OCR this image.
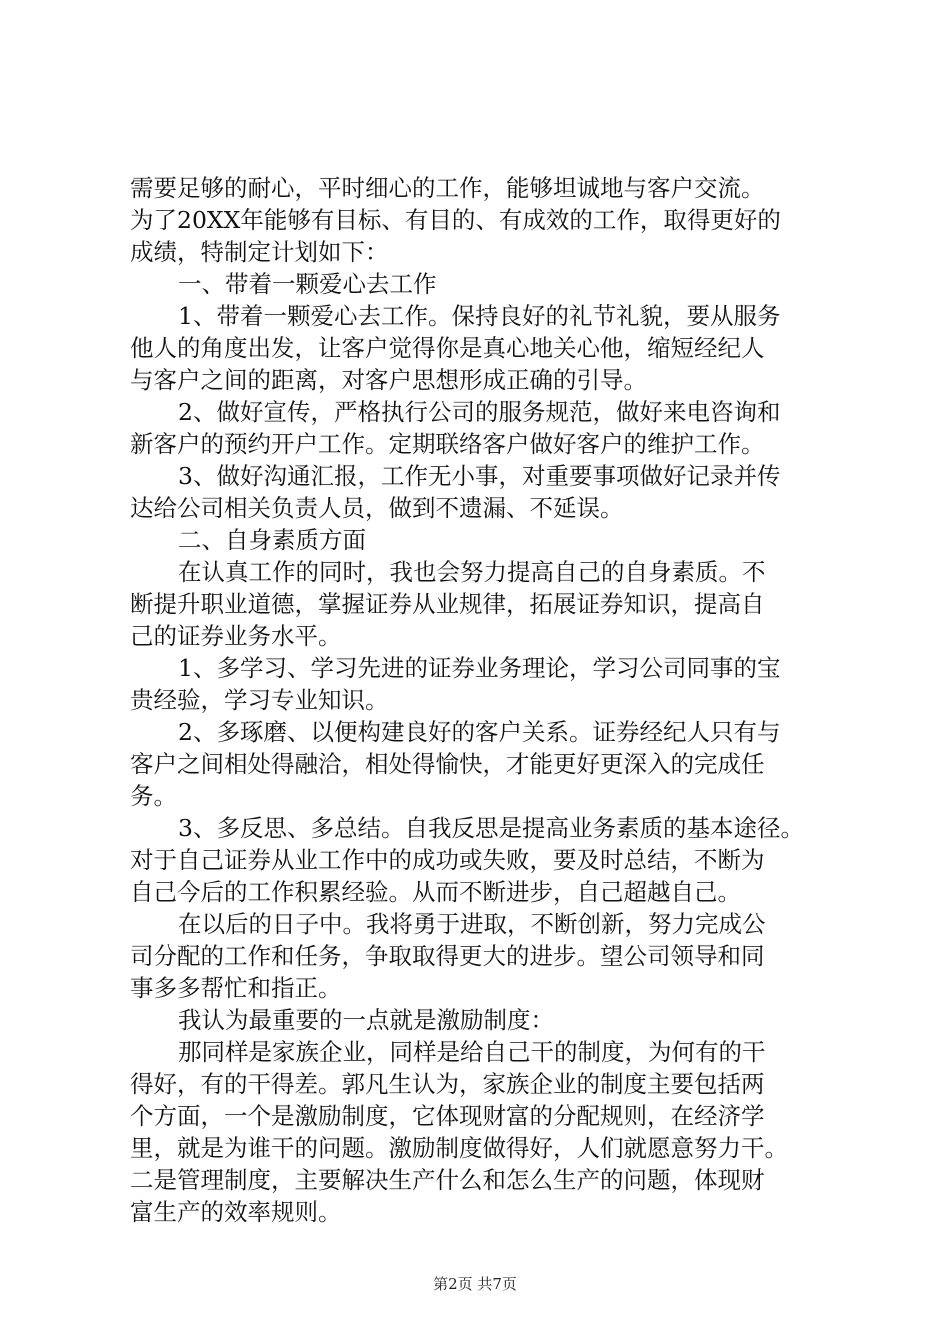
需要足够的耐心，平时细心的工作，能够坦诚地与客户交流。
为了20XX年能够有目标、有目的、有成效的工作，取得更好的
成绩，特制定计划如下：
一、带着一颗爱心去工作
1、带着一颗爱心去工作。保持良好的礼节礼貌，要从服务
他人的角度出发，让客户觉得你是真心地关心他，缩短经纪人
与客户之间的距离，对客户思想形成正确的引导。
2、做好宣传，严格执行公司的服务规范，做好来电咨询和
新客户的预约开户工作。定期联络客户做好客户的维护工作。
3、做好沟通汇报，工作无小事，对重要事项做好记录并传
达给公司相关负责人员，做到不遗漏、不延误。
二、自身素质方面
在认真工作的同时，我也会努力提高自己的自身素质。不
断提升职业道德，掌握证券从业规律，拓展证券知识，提高自
己的证券业务水平。
1、多学习、学习先进的证券业务理论，学习公司同事的宝
贵经验，学习专业知识。
2、多琢磨、以便构建良好的客户关系。证券经纪人只有与
客户之间相处得融洽，相处得愉快，才能更好更深入的完成任
务。
3、多反思、多总结。自我反思是提高业务素质的基本途径。
对于自己证券从业工作中的成功或失败，要及时总结，不断为
自己今后的工作积累经验。从而不断进步，自己超越自己。
在以后的日子中。我将勇于进取，不断创新，努力完成公
司分配的工作和任务，争取取得更大的进步。望公司领导和同
事多多帮忙和指正。
我认为最重要的一点就是激励制度：
那同样是家族企业，同样是给自己干的制度，为何有的干
得好，有的干得差。郭凡生认为，家族企业的制度主要包括两
个方面，一个是激励制度，它体现财富的分配规则，在经济学
里，就是为谁干的问题。激励制度做得好，人们就愿意努力干。
二是管理制度，主要解决生产什么和怎么生产的问题，体现财
富生产的效率规则。
第2页 共7页
